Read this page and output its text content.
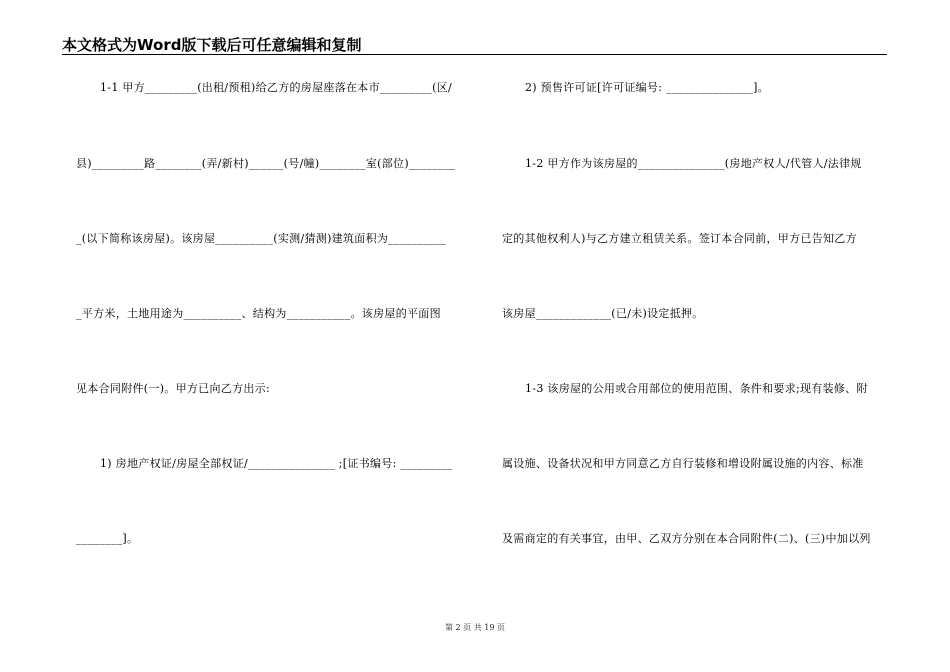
本文格式为Word版下载后可任意编辑和复制
1-1 甲方_________(出租/预租)给乙方的房屋座落在本市_________(区/
县)_________路________(弄/新村)______(号/幢)________室(部位)________
_(以下简称该房屋)。该房屋__________(实测/猜测)建筑面积为__________
_平方米，土地用途为__________、结构为___________。该房屋的平面图
见本合同附件(一)。甲方已向乙方出示:
1) 房地产权证/房屋全部权证/_______________ ;[证书编号: _________
________]。
2) 预售许可证[许可证编号: _______________]。
1-2 甲方作为该房屋的_______________(房地产权人/代管人/法律规
定的其他权利人)与乙方建立租赁关系。签订本合同前，甲方已告知乙方
该房屋_____________(已/未)设定抵押。
1-3 该房屋的公用或合用部位的使用范围、条件和要求;现有装修、附
属设施、设备状况和甲方同意乙方自行装修和增设附属设施的内容、标准
及需商定的有关事宜，由甲、乙双方分别在本合同附件(二)、(三)中加以列
第 2 页 共 19 页
